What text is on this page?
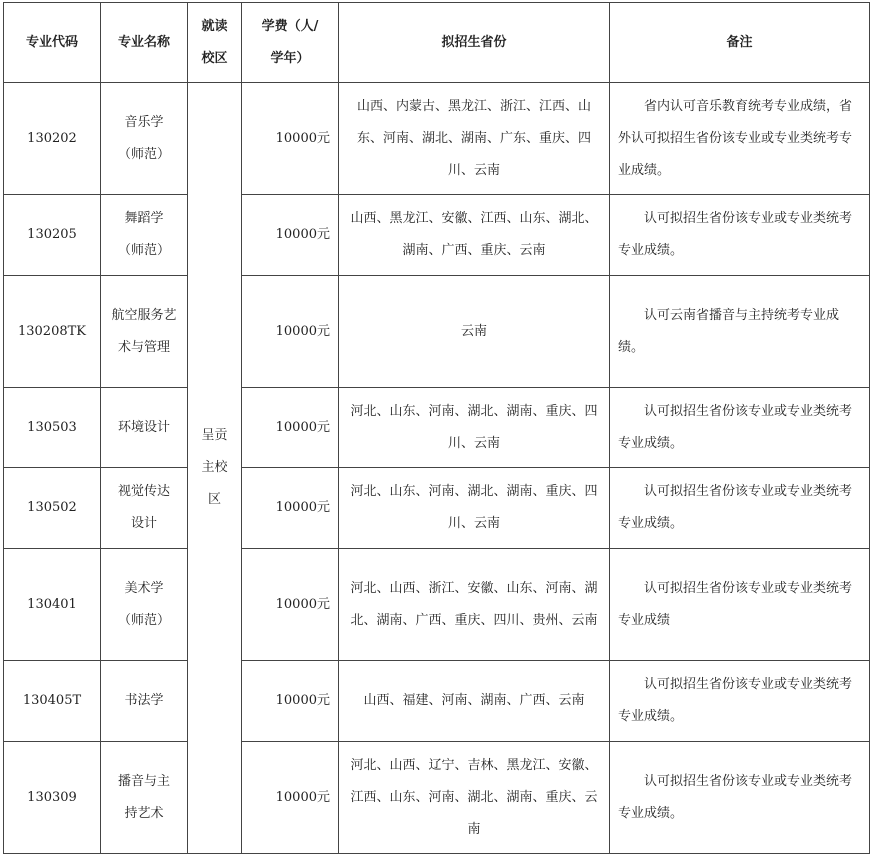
专业代码	专业名称	就读校区	学费（人/学年）	拟招生省份	备注
130202	音乐学（师范）	呈贡主校区	10000元	山西、内蒙古、黑龙江、浙江、江西、山东、河南、湖北、湖南、广东、重庆、四川、云南	省内认可音乐教育统考专业成绩，省外认可拟招生省份该专业或专业类统考专业成绩。
130205	舞蹈学（师范）		10000元	山西、黑龙江、安徽、江西、山东、湖北、湖南、广西、重庆、云南	认可拟招生省份该专业或专业类统考专业成绩。
130208TK	航空服务艺术与管理		10000元	云南	认可云南省播音与主持统考专业成绩。
130503	环境设计		10000元	河北、山东、河南、湖北、湖南、重庆、四川、云南	认可拟招生省份该专业或专业类统考专业成绩。
130502	视觉传达设计		10000元	河北、山东、河南、湖北、湖南、重庆、四川、云南	认可拟招生省份该专业或专业类统考专业成绩。
130401	美术学（师范）		10000元	河北、山西、浙江、安徽、山东、河南、湖北、湖南、广西、重庆、四川、贵州、云南	认可拟招生省份该专业或专业类统考专业成绩
130405T	书法学		10000元	山西、福建、河南、湖南、广西、云南	认可拟招生省份该专业或专业类统考专业成绩。
130309	播音与主持艺术		10000元	河北、山西、辽宁、吉林、黑龙江、安徽、江西、山东、河南、湖北、湖南、重庆、云南	认可拟招生省份该专业或专业类统考专业成绩。
